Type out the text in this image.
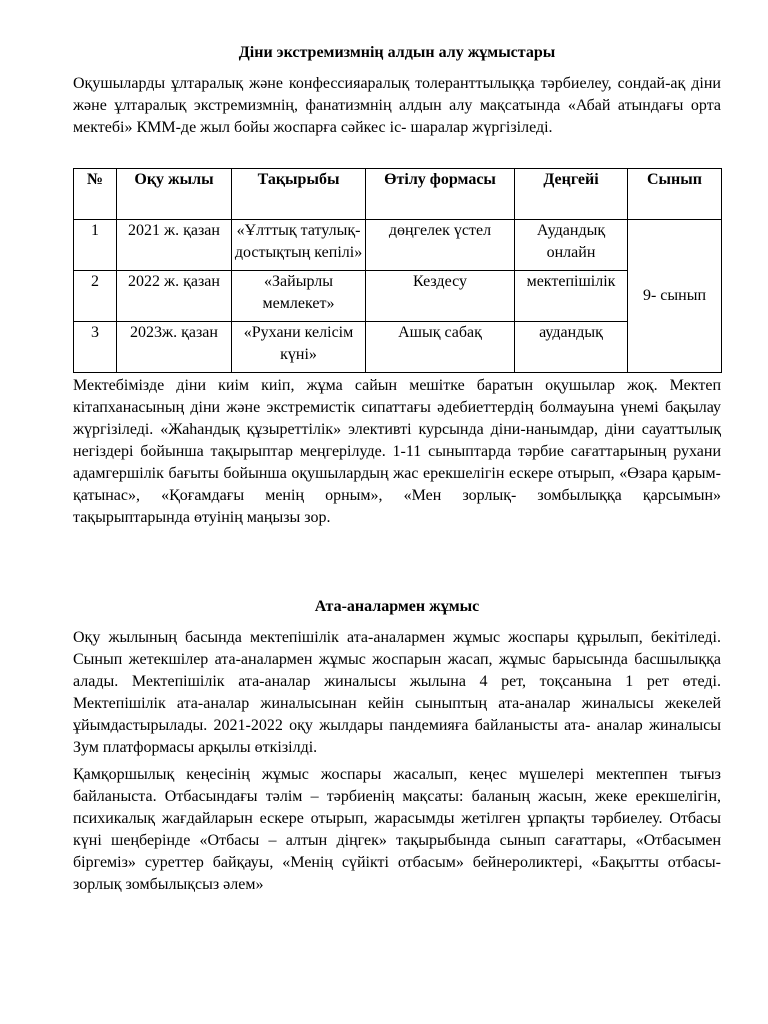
Діни экстремизмнің алдын алу жұмыстары

Оқушыларды ұлтаралық және конфессияаралық толеранттылыққа тәрбиелеу, сондай-ақ діни және ұлтаралық экстремизмнің, фанатизмнің алдын алу мақсатында «Абай атындағы орта мектебі» КММ-де жыл бойы жоспарға сәйкес іс- шаралар жүргізіледі.

№	Оқу жылы	Тақырыбы	Өтілу формасы	Деңгейі	Сынып
1	2021 ж. қазан	«Ұлттық татулық-достықтың кепілі»	дөңгелек үстел	Аудандық онлайн	9- сынып
2	2022 ж. қазан	«Зайырлы мемлекет»	Кездесу	мектепішілік	
3	2023ж. қазан	«Рухани келісім күні»	Ашық сабақ	аудандық	

Мектебімізде діни киім киіп, жұма сайын мешітке баратын оқушылар жоқ. Мектеп кітапханасының діни және экстремистік сипаттағы әдебиеттердің болмауына үнемі бақылау жүргізіледі. «Жаһандық құзыреттілік» элективті курсында діни-нанымдар, діни сауаттылық негіздері бойынша тақырыптар меңгерілуде. 1-11 сыныптарда тәрбие сағаттарының рухани адамгершілік бағыты бойынша оқушылардың жас ерекшелігін ескере отырып, «Өзара қарым-қатынас», «Қоғамдағы менің орным», «Мен зорлық- зомбылыққа қарсымын» тақырыптарында өтуінің маңызы зор.

Ата-аналармен жұмыс

Оқу жылының басында мектепішілік ата-аналармен жұмыс жоспары құрылып, бекітіледі. Сынып жетекшілер ата-аналармен жұмыс жоспарын жасап, жұмыс барысында басшылыққа алады. Мектепішілік ата-аналар жиналысы жылына 4 рет, тоқсанына 1 рет өтеді. Мектепішілік ата-аналар жиналысынан кейін сыныптың ата-аналар жиналысы жекелей ұйымдастырылады. 2021-2022 оқу жылдары пандемияға байланысты ата- аналар жиналысы Зум платформасы арқылы өткізілді.

Қамқоршылық кеңесінің жұмыс жоспары жасалып, кеңес мүшелері мектеппен тығыз байланыста. Отбасындағы тәлім – тәрбиенің мақсаты: баланың жасын, жеке ерекшелігін, психикалық жағдайларын ескере отырып, жарасымды жетілген ұрпақты тәрбиелеу. Отбасы күні шеңберінде «Отбасы – алтын діңгек» тақырыбында сынып сағаттары, «Отбасымен біргеміз» суреттер байқауы, «Менің сүйікті отбасым» бейнероликтері, «Бақытты отбасы-зорлық зомбылықсыз әлем»
